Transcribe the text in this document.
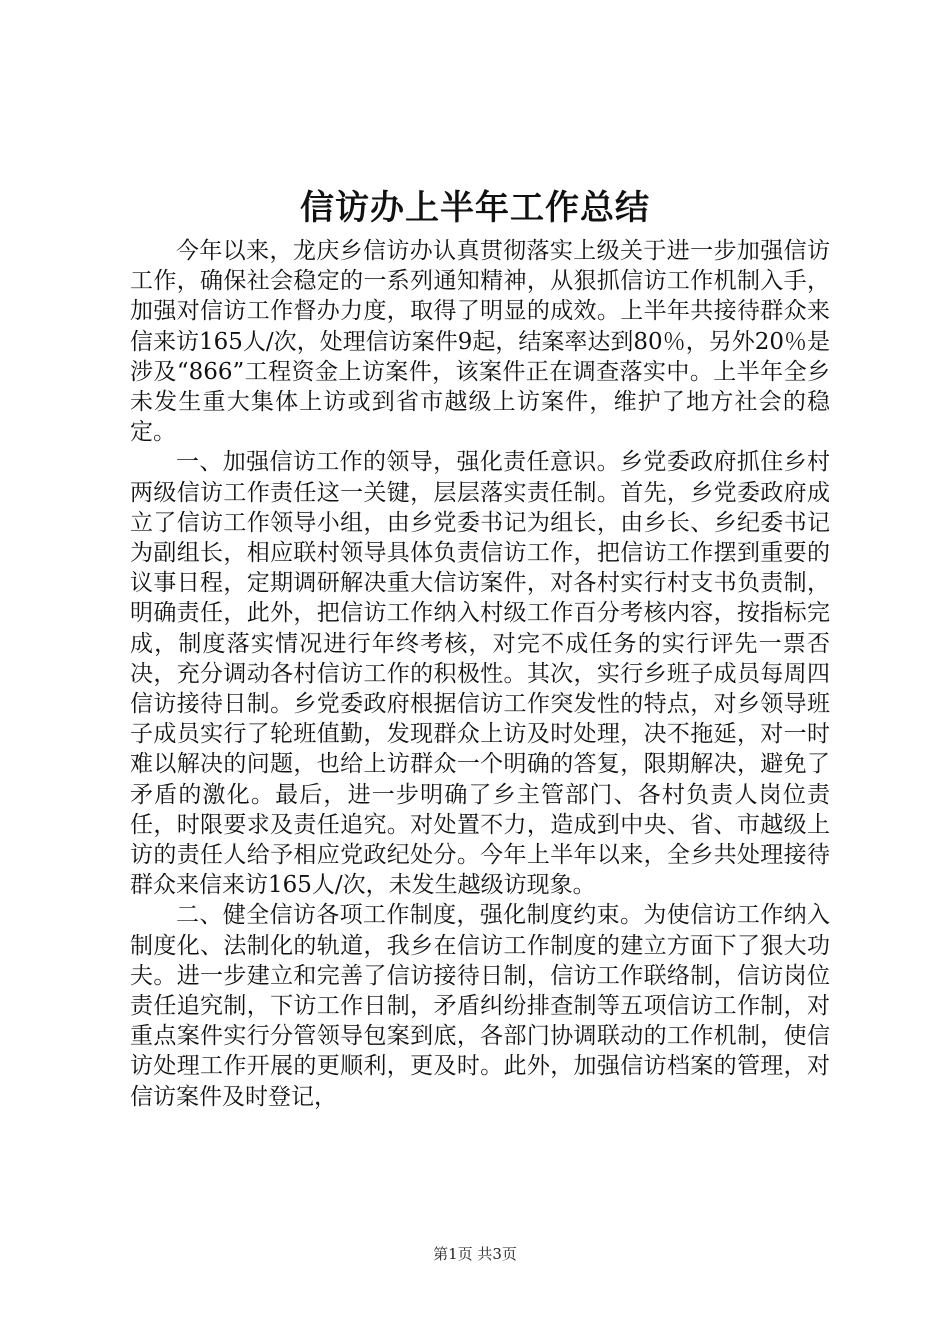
信访办上半年工作总结

今年以来，龙庆乡信访办认真贯彻落实上级关于进一步加强信访工作，确保社会稳定的一系列通知精神，从狠抓信访工作机制入手，加强对信访工作督办力度，取得了明显的成效。上半年共接待群众来信来访165人/次，处理信访案件9起，结案率达到80％，另外20％是涉及“866”工程资金上访案件，该案件正在调查落实中。上半年全乡未发生重大集体上访或到省市越级上访案件，维护了地方社会的稳定。

一、加强信访工作的领导，强化责任意识。乡党委政府抓住乡村两级信访工作责任这一关键，层层落实责任制。首先，乡党委政府成立了信访工作领导小组，由乡党委书记为组长，由乡长、乡纪委书记为副组长，相应联村领导具体负责信访工作，把信访工作摆到重要的议事日程，定期调研解决重大信访案件，对各村实行村支书负责制，明确责任，此外，把信访工作纳入村级工作百分考核内容，按指标完成，制度落实情况进行年终考核，对完不成任务的实行评先一票否决，充分调动各村信访工作的积极性。其次，实行乡班子成员每周四信访接待日制。乡党委政府根据信访工作突发性的特点，对乡领导班子成员实行了轮班值勤，发现群众上访及时处理，决不拖延，对一时难以解决的问题，也给上访群众一个明确的答复，限期解决，避免了矛盾的激化。最后，进一步明确了乡主管部门、各村负责人岗位责任，时限要求及责任追究。对处置不力，造成到中央、省、市越级上访的责任人给予相应党政纪处分。今年上半年以来，全乡共处理接待群众来信来访165人/次，未发生越级访现象。

二、健全信访各项工作制度，强化制度约束。为使信访工作纳入制度化、法制化的轨道，我乡在信访工作制度的建立方面下了狠大功夫。进一步建立和完善了信访接待日制，信访工作联络制，信访岗位责任追究制，下访工作日制，矛盾纠纷排查制等五项信访工作制，对重点案件实行分管领导包案到底，各部门协调联动的工作机制，使信访处理工作开展的更顺利，更及时。此外，加强信访档案的管理，对信访案件及时登记，

第1页 共3页
